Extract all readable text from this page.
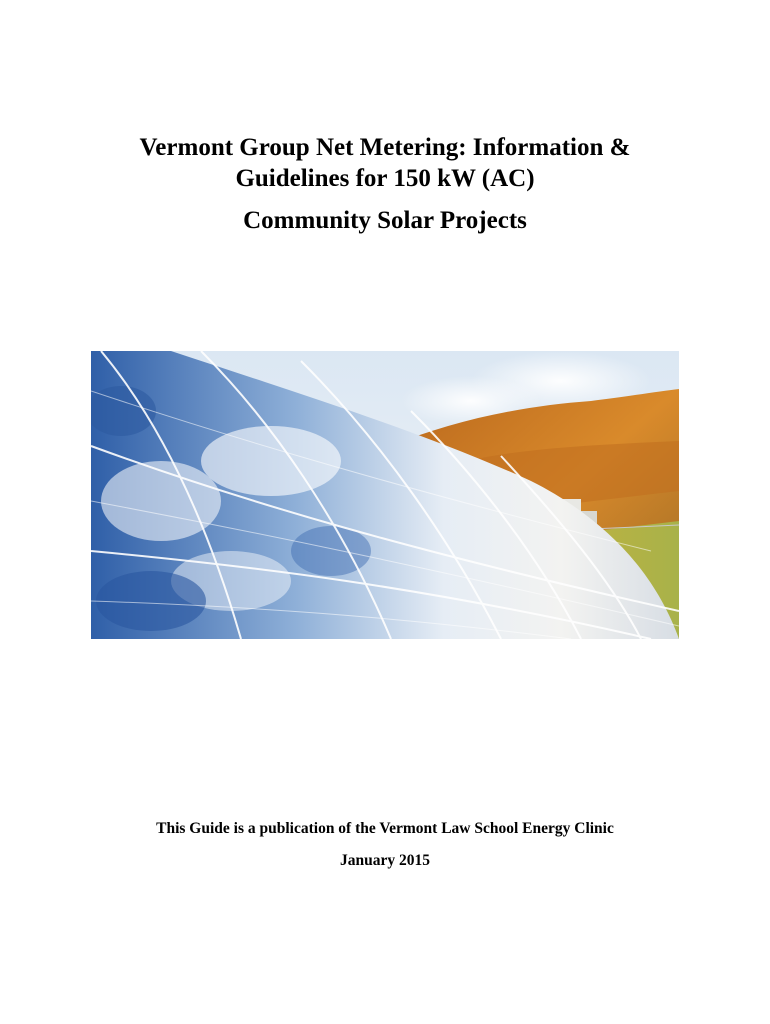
Vermont Group Net Metering: Information &

Guidelines for 150 kW (AC)

Community Solar Projects

This Guide is a publication of the Vermont Law School Energy Clinic

January 2015
